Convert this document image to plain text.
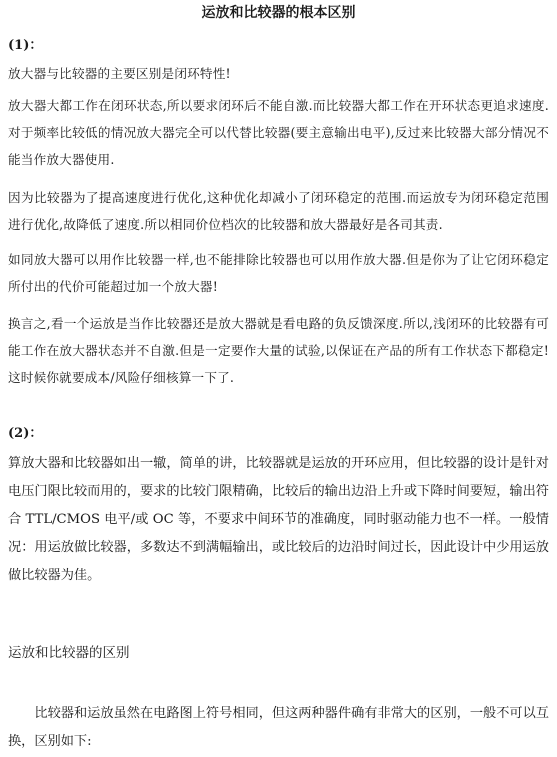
运放和比较器的根本区别
(1)：
放大器与比较器的主要区别是闭环特性!
放大器大都工作在闭环状态,所以要求闭环后不能自激.而比较器大都工作在开环状态更追求速度.对于频率比较低的情况放大器完全可以代替比较器(要主意输出电平),反过来比较器大部分情况不能当作放大器使用.
因为比较器为了提高速度进行优化,这种优化却减小了闭环稳定的范围.而运放专为闭环稳定范围进行优化,故降低了速度.所以相同价位档次的比较器和放大器最好是各司其责.
如同放大器可以用作比较器一样,也不能排除比较器也可以用作放大器.但是你为了让它闭环稳定所付出的代价可能超过加一个放大器!
换言之,看一个运放是当作比较器还是放大器就是看电路的负反馈深度.所以,浅闭环的比较器有可能工作在放大器状态并不自激.但是一定要作大量的试验,以保证在产品的所有工作状态下都稳定!这时候你就要成本/风险仔细核算一下了.
(2)：
算放大器和比较器如出一辙，简单的讲，比较器就是运放的开环应用，但比较器的设计是针对电压门限比较而用的，要求的比较门限精确，比较后的输出边沿上升或下降时间要短，输出符合 TTL/CMOS 电平/或 OC 等，不要求中间环节的准确度，同时驱动能力也不一样。一般情况：用运放做比较器，多数达不到满幅输出，或比较后的边沿时间过长，因此设计中少用运放做比较器为佳。
运放和比较器的区别
比较器和运放虽然在电路图上符号相同，但这两种器件确有非常大的区别，一般不可以互换，区别如下:
